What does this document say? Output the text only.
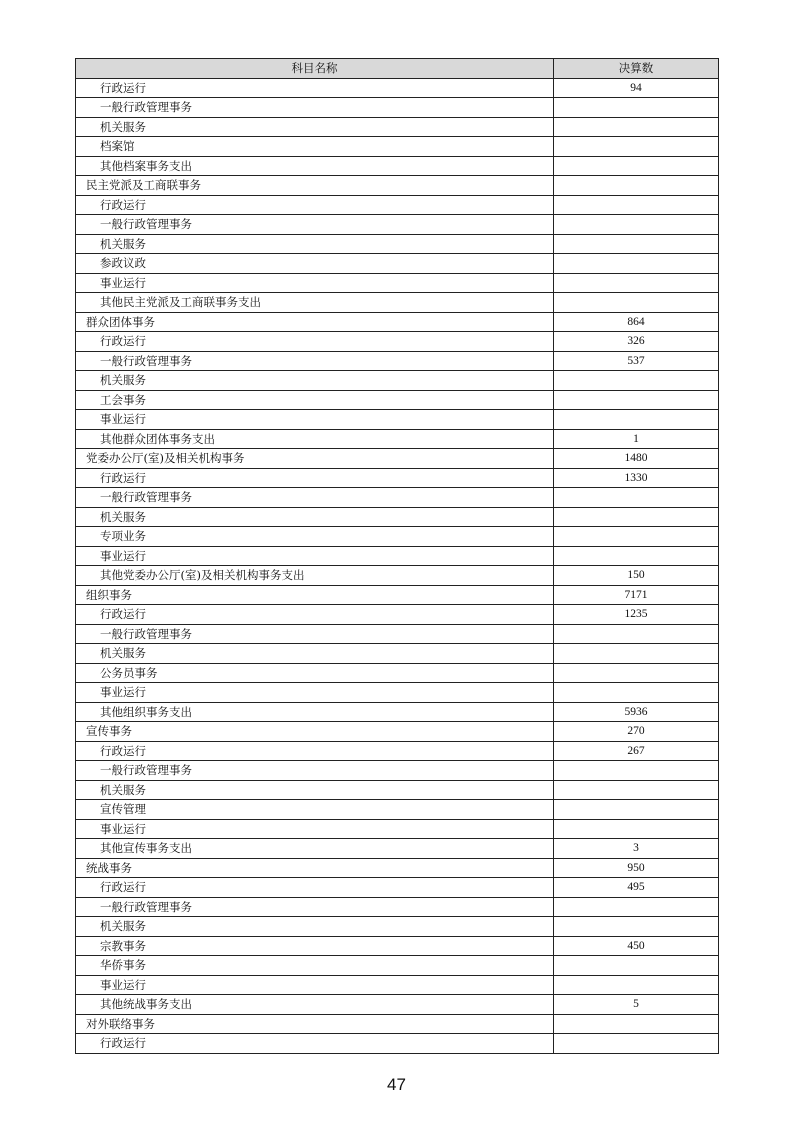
科目名称	决算数
行政运行	94
一般行政管理事务	
机关服务	
档案馆	
其他档案事务支出	
民主党派及工商联事务	
行政运行	
一般行政管理事务	
机关服务	
参政议政	
事业运行	
其他民主党派及工商联事务支出	
群众团体事务	864
行政运行	326
一般行政管理事务	537
机关服务	
工会事务	
事业运行	
其他群众团体事务支出	1
党委办公厅(室)及相关机构事务	1480
行政运行	1330
一般行政管理事务	
机关服务	
专项业务	
事业运行	
其他党委办公厅(室)及相关机构事务支出	150
组织事务	7171
行政运行	1235
一般行政管理事务	
机关服务	
公务员事务	
事业运行	
其他组织事务支出	5936
宣传事务	270
行政运行	267
一般行政管理事务	
机关服务	
宣传管理	
事业运行	
其他宣传事务支出	3
统战事务	950
行政运行	495
一般行政管理事务	
机关服务	
宗教事务	450
华侨事务	
事业运行	
其他统战事务支出	5
对外联络事务	
行政运行	
47
